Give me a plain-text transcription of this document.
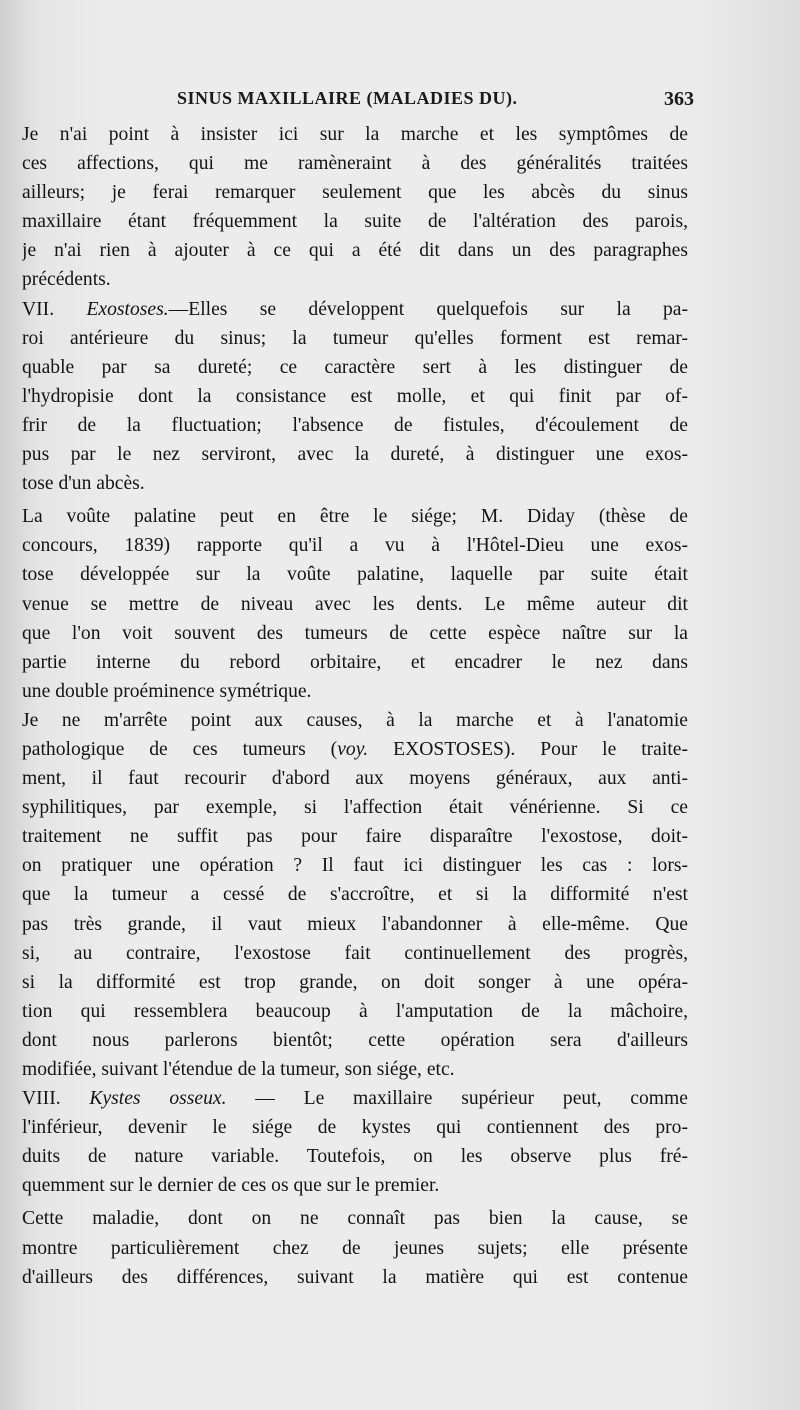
SINUS MAXILLAIRE (MALADIES DU).	363
Je n'ai point à insister ici sur la marche et les symptômes de
ces affections, qui me ramèneraint à des généralités traitées
ailleurs; je ferai remarquer seulement que les abcès du sinus
maxillaire étant fréquemment la suite de l'altération des parois,
je n'ai rien à ajouter à ce qui a été dit dans un des paragraphes
précédents.
VII. Exostoses.—Elles se développent quelquefois sur la pa-
roi antérieure du sinus; la tumeur qu'elles forment est remar-
quable par sa dureté; ce caractère sert à les distinguer de
l'hydropisie dont la consistance est molle, et qui finit par of-
frir de la fluctuation; l'absence de fistules, d'écoulement de
pus par le nez serviront, avec la dureté, à distinguer une exos-
tose d'un abcès.
La voûte palatine peut en être le siége; M. Diday (thèse de
concours, 1839) rapporte qu'il a vu à l'Hôtel-Dieu une exos-
tose développée sur la voûte palatine, laquelle par suite était
venue se mettre de niveau avec les dents. Le même auteur dit
que l'on voit souvent des tumeurs de cette espèce naître sur la
partie interne du rebord orbitaire, et encadrer le nez dans
une double proéminence symétrique.
Je ne m'arrête point aux causes, à la marche et à l'anatomie
pathologique de ces tumeurs (voy. EXOSTOSES). Pour le traite-
ment, il faut recourir d'abord aux moyens généraux, aux anti-
syphilitiques, par exemple, si l'affection était vénérienne. Si ce
traitement ne suffit pas pour faire disparaître l'exostose, doit-
on pratiquer une opération ? Il faut ici distinguer les cas : lors-
que la tumeur a cessé de s'accroître, et si la difformité n'est
pas très grande, il vaut mieux l'abandonner à elle-même. Que
si, au contraire, l'exostose fait continuellement des progrès,
si la difformité est trop grande, on doit songer à une opéra-
tion qui ressemblera beaucoup à l'amputation de la mâchoire,
dont nous parlerons bientôt; cette opération sera d'ailleurs
modifiée, suivant l'étendue de la tumeur, son siége, etc.
VIII. Kystes osseux. — Le maxillaire supérieur peut, comme
l'inférieur, devenir le siége de kystes qui contiennent des pro-
duits de nature variable. Toutefois, on les observe plus fré-
quemment sur le dernier de ces os que sur le premier.
Cette maladie, dont on ne connaît pas bien la cause, se
montre particulièrement chez de jeunes sujets; elle présente
d'ailleurs des différences, suivant la matière qui est contenue
